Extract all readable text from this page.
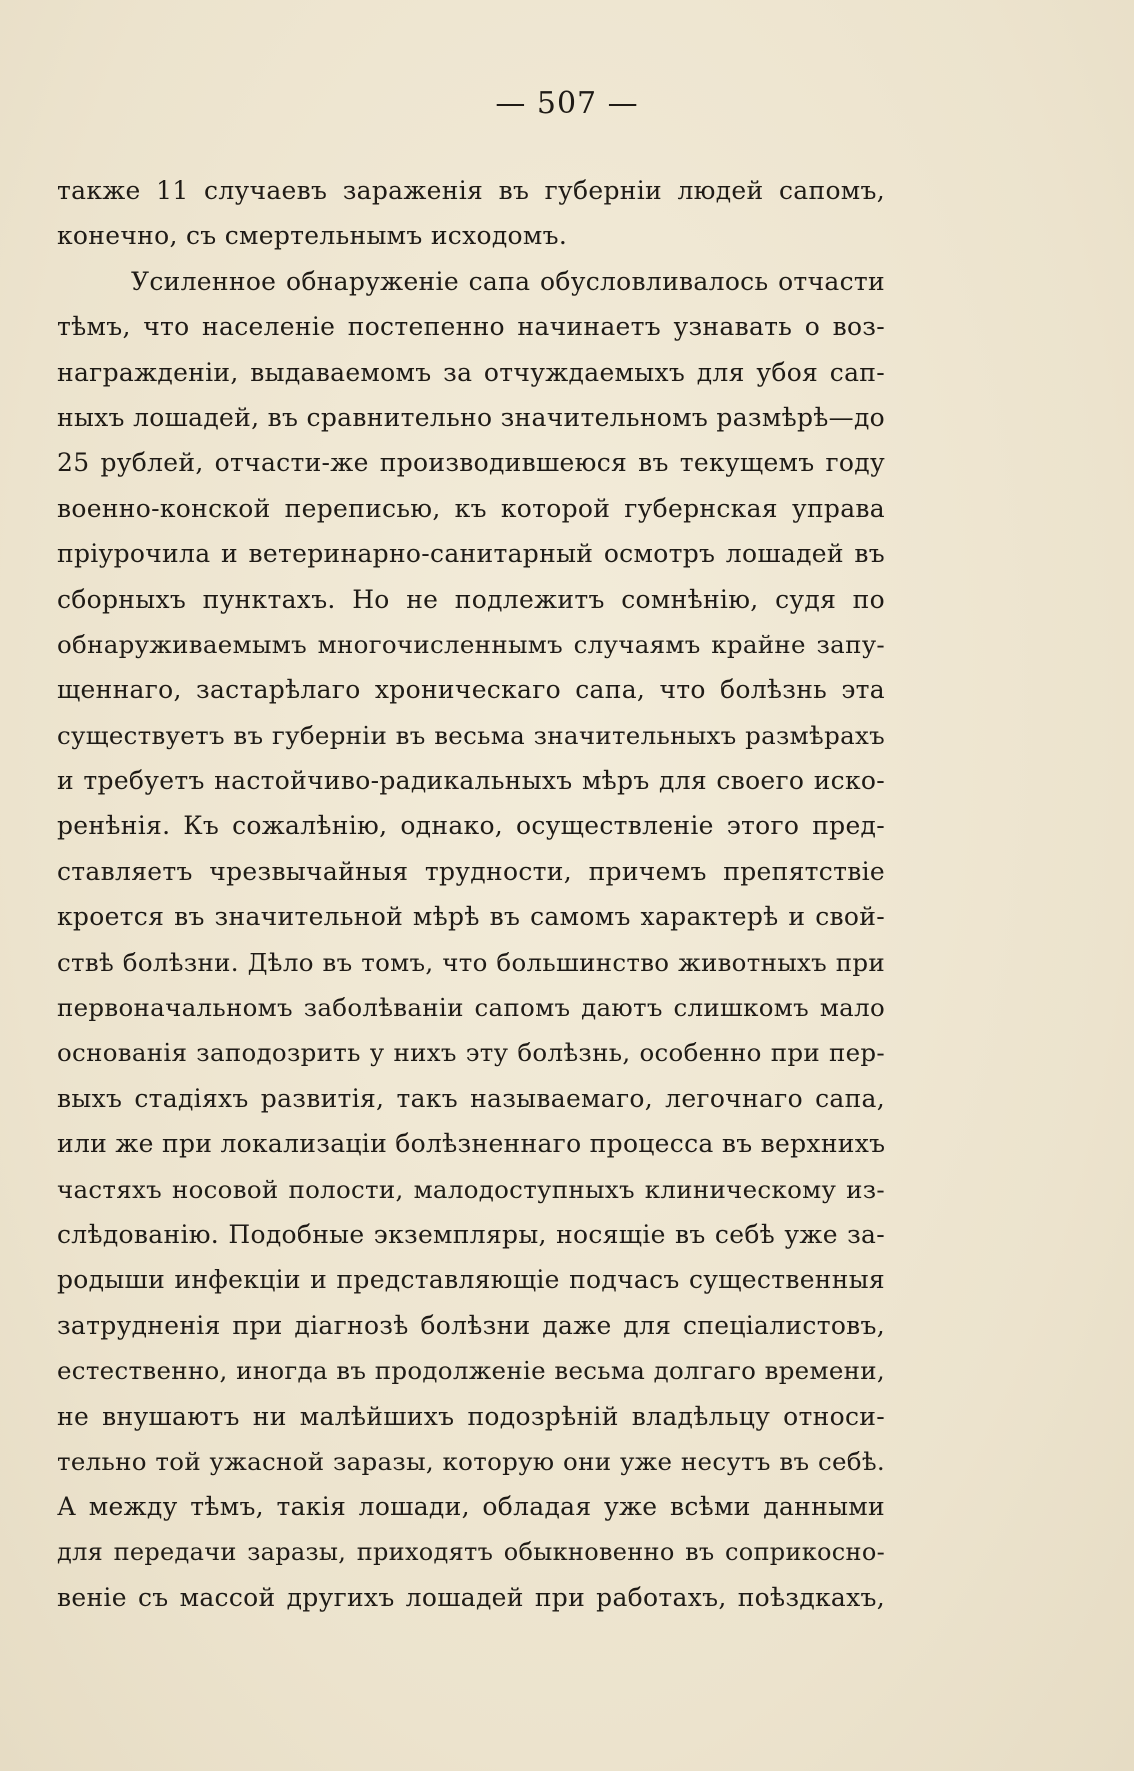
— 507 —
также 11 случаевъ зараженія въ губерніи людей сапомъ,
конечно, съ смертельнымъ исходомъ.
Усиленное обнаруженіе сапа обусловливалось отчасти
тѣмъ, что населеніе постепенно начинаетъ узнавать о воз-
награжденіи, выдаваемомъ за отчуждаемыхъ для убоя сап-
ныхъ лошадей, въ сравнительно значительномъ размѣрѣ—до
25 рублей, отчасти-же производившеюся въ текущемъ году
военно-конской переписью, къ которой губернская управа
пріурочила и ветеринарно-санитарный осмотръ лошадей въ
сборныхъ пунктахъ. Но не подлежитъ сомнѣнію, судя по
обнаруживаемымъ многочисленнымъ случаямъ крайне запу-
щеннаго, застарѣлаго хроническаго сапа, что болѣзнь эта
существуетъ въ губерніи въ весьма значительныхъ размѣрахъ
и требуетъ настойчиво-радикальныхъ мѣръ для своего иско-
ренѣнія. Къ сожалѣнію, однако, осуществленіе этого пред-
ставляетъ чрезвычайныя трудности, причемъ препятствіе
кроется въ значительной мѣрѣ въ самомъ характерѣ и свой-
ствѣ болѣзни. Дѣло въ томъ, что большинство животныхъ при
первоначальномъ заболѣваніи сапомъ даютъ слишкомъ мало
основанія заподозрить у нихъ эту болѣзнь, особенно при пер-
выхъ стадіяхъ развитія, такъ называемаго, легочнаго сапа,
или же при локализаціи болѣзненнаго процесса въ верхнихъ
частяхъ носовой полости, малодоступныхъ клиническому из-
слѣдованію. Подобные экземпляры, носящіе въ себѣ уже за-
родыши инфекціи и представляющіе подчасъ существенныя
затрудненія при діагнозѣ болѣзни даже для спеціалистовъ,
естественно, иногда въ продолженіе весьма долгаго времени,
не внушаютъ ни малѣйшихъ подозрѣній владѣльцу относи-
тельно той ужасной заразы, которую они уже несутъ въ себѣ.
А между тѣмъ, такія лошади, обладая уже всѣми данными
для передачи заразы, приходятъ обыкновенно въ соприкосно-
веніе съ массой другихъ лошадей при работахъ, поѣздкахъ,
